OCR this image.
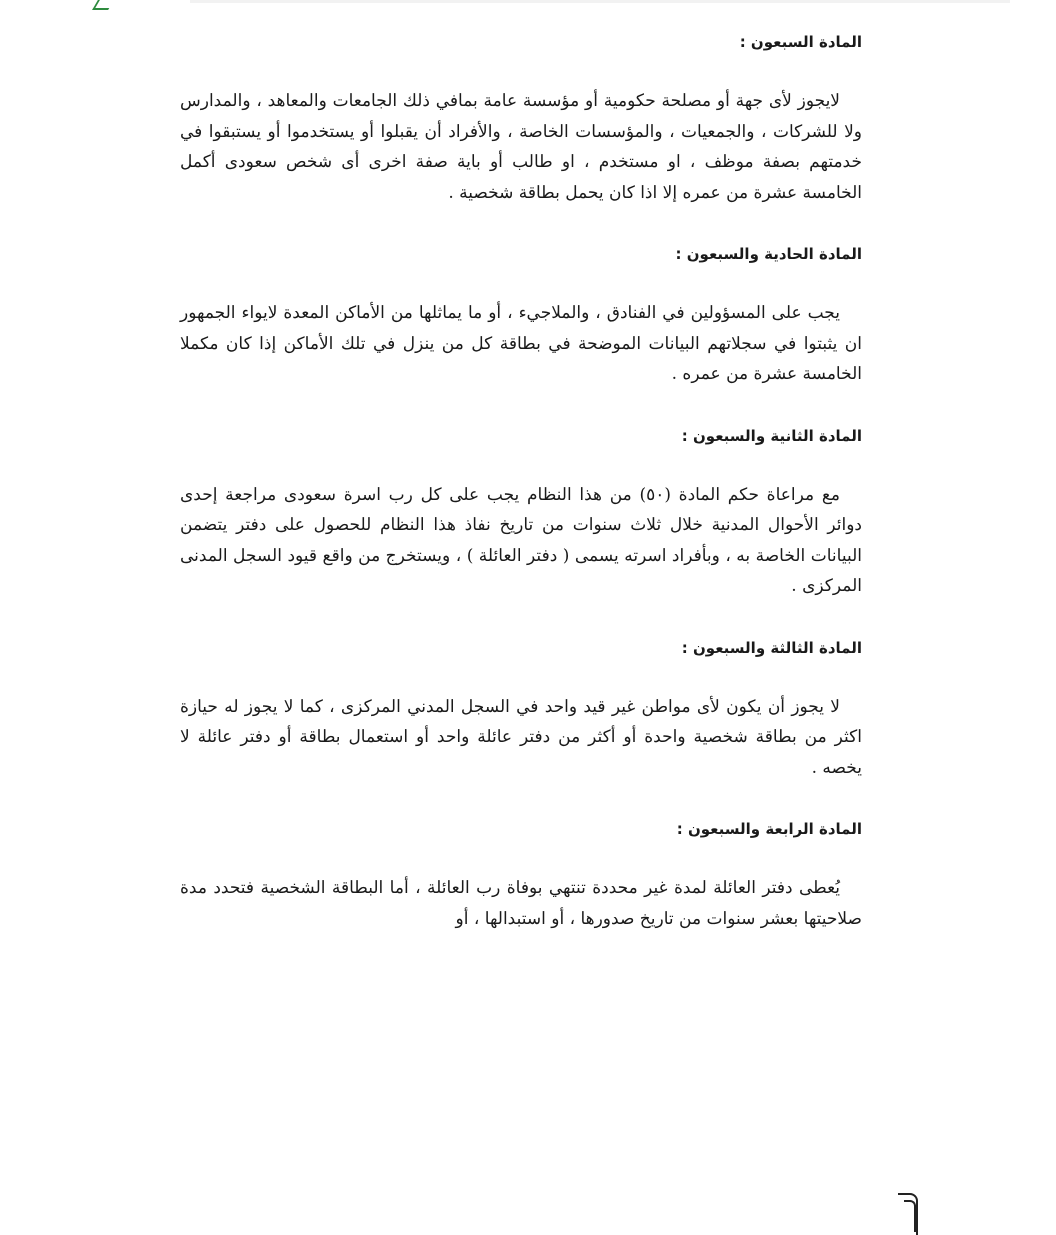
المادة السبعون :

لايجوز لأى جهة أو مصلحة حكومية أو مؤسسة عامة بمافي ذلك الجامعات والمعاهد ، والمدارس ولا للشركات ، والجمعيات ، والمؤسسات الخاصة ، والأفراد أن يقبلوا أو يستخدموا أو يستبقوا في خدمتهم بصفة موظف ، او مستخدم ، او طالب أو باية صفة اخرى أى شخص سعودى أكمل الخامسة عشرة من عمره إلا اذا كان يحمل بطاقة شخصية .

المادة الحادية والسبعون :

يجب على المسؤولين في الفنادق ، والملاجيء ، أو ما يماثلها من الأماكن المعدة لايواء الجمهور ان يثبتوا في سجلاتهم البيانات الموضحة في بطاقة كل من ينزل في تلك الأماكن إذا كان مكملا الخامسة عشرة من عمره .

المادة الثانية والسبعون :

مع مراعاة حكم المادة (٥٠) من هذا النظام يجب على كل رب اسرة سعودى مراجعة إحدى دوائر الأحوال المدنية خلال ثلاث سنوات من تاريخ نفاذ هذا النظام للحصول على دفتر يتضمن البيانات الخاصة به ، وبأفراد اسرته يسمى ( دفتر العائلة ) ، ويستخرج من واقع قيود السجل المدنى المركزى .

المادة الثالثة والسبعون :

لا يجوز أن يكون لأى مواطن غير قيد واحد في السجل المدني المركزى ، كما لا يجوز له حيازة اكثر من بطاقة شخصية واحدة أو أكثر من دفتر عائلة واحد أو استعمال بطاقة أو دفتر عائلة لا يخصه .

المادة الرابعة والسبعون :

يُعطى دفتر العائلة لمدة غير محددة تنتهي بوفاة رب العائلة ، أما البطاقة الشخصية فتحدد مدة صلاحيتها بعشر سنوات من تاريخ صدورها ، أو استبدالها ، أو
